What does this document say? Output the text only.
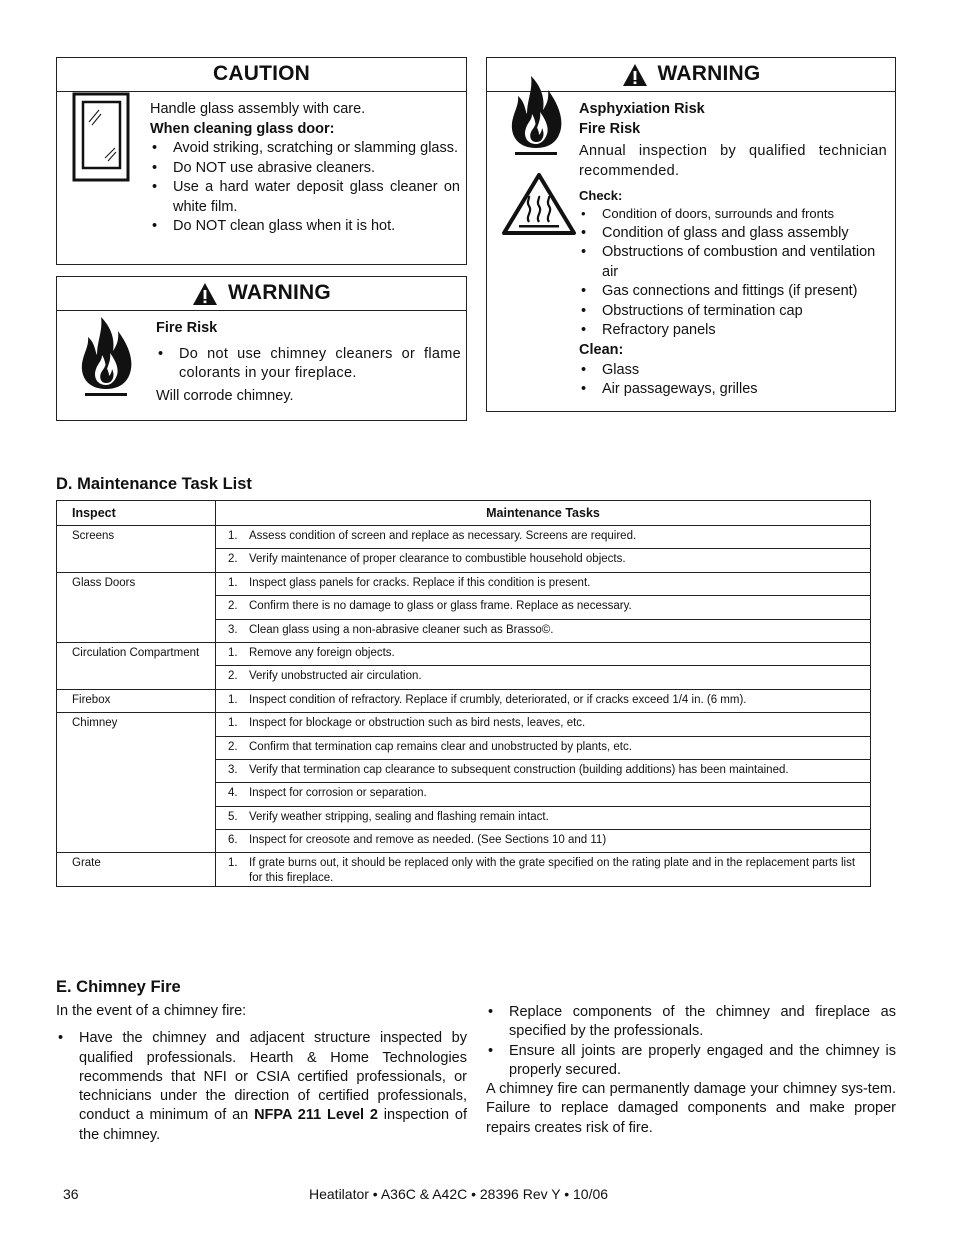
CAUTION
Handle glass assembly with care.
When cleaning glass door:
• Avoid striking, scratching or slamming glass.
• Do NOT use abrasive cleaners.
• Use a hard water deposit glass cleaner on white film.
• Do NOT clean glass when it is hot.
WARNING
Fire Risk
• Do not use chimney cleaners or flame colorants in your fireplace.
Will corrode chimney.
WARNING
Asphyxiation Risk
Fire Risk
Annual inspection by qualified technician recommended.
Check:
• Condition of doors, surrounds and fronts
• Condition of glass and glass assembly
• Obstructions of combustion and ventilation air
• Gas connections and fittings (if present)
• Obstructions of termination cap
• Refractory panels
Clean:
• Glass
• Air passageways, grilles
D. Maintenance Task List
Inspect	Maintenance Tasks
Screens	1. Assess condition of screen and replace as necessary. Screens are required.
	2. Verify maintenance of proper clearance to combustible household objects.
Glass Doors	1. Inspect glass panels for cracks. Replace if this condition is present.
	2. Confirm there is no damage to glass or glass frame. Replace as necessary.
	3. Clean glass using a non-abrasive cleaner such as Brasso©.
Circulation Compartment	1. Remove any foreign objects.
	2. Verify unobstructed air circulation.
Firebox	1. Inspect condition of refractory. Replace if crumbly, deteriorated, or if cracks exceed 1/4 in. (6 mm).
Chimney	1. Inspect for blockage or obstruction such as bird nests, leaves, etc.
	2. Confirm that termination cap remains clear and unobstructed by plants, etc.
	3. Verify that termination cap clearance to subsequent construction (building additions) has been maintained.
	4. Inspect for corrosion or separation.
	5. Verify weather stripping, sealing and flashing remain intact.
	6. Inspect for creosote and remove as needed. (See Sections 10 and 11)
Grate	1. If grate burns out, it should be replaced only with the grate specified on the rating plate and in the replacement parts list for this fireplace.
E. Chimney Fire
In the event of a chimney fire:
• Have the chimney and adjacent structure inspected by qualified professionals. Hearth & Home Technologies recommends that NFI or CSIA certified professionals, or technicians under the direction of certified professionals, conduct a minimum of an NFPA 211 Level 2 inspection of the chimney.
• Replace components of the chimney and fireplace as specified by the professionals.
• Ensure all joints are properly engaged and the chimney is properly secured.
A chimney fire can permanently damage your chimney sys-tem. Failure to replace damaged components and make proper repairs creates risk of fire.
36	Heatilator • A36C & A42C • 28396 Rev Y • 10/06
